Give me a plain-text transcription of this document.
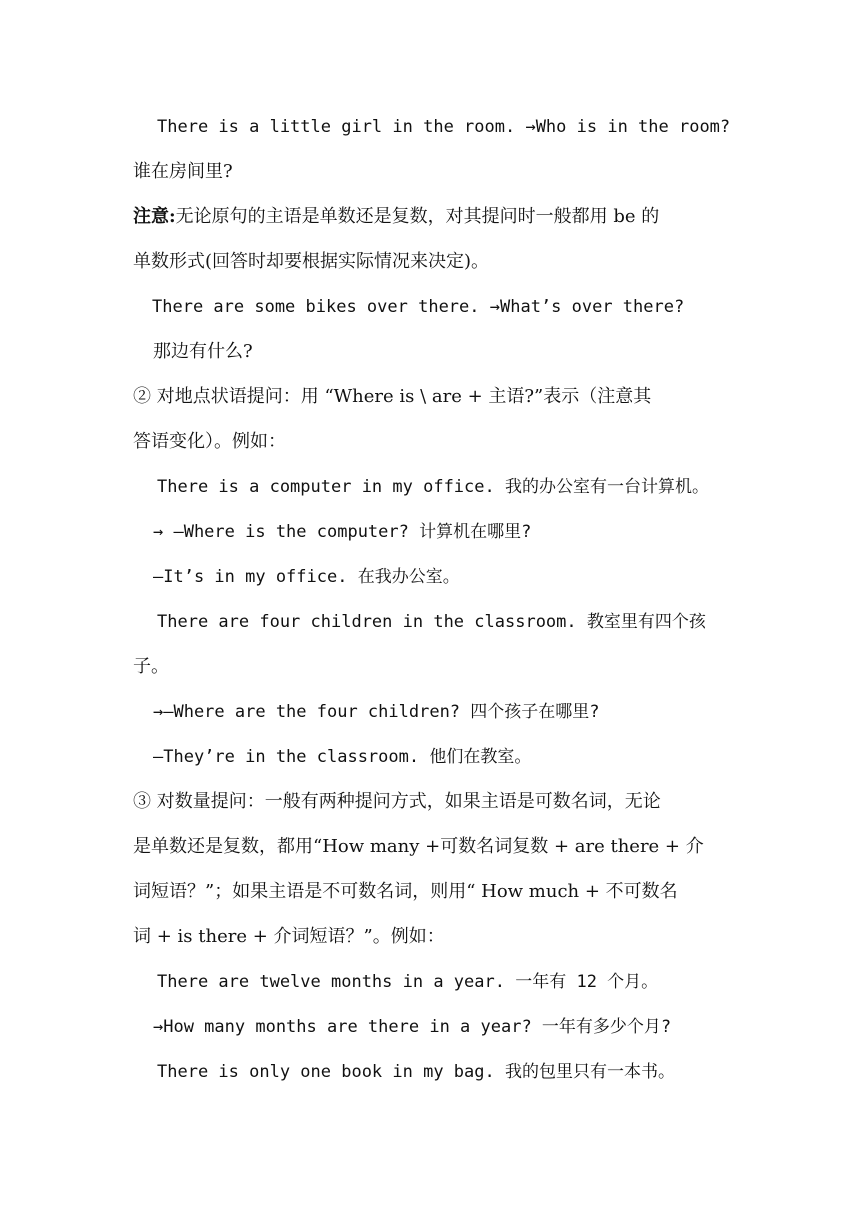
There is a little girl in the room. →Who is in the room?
谁在房间里?
注意:无论原句的主语是单数还是复数，对其提问时一般都用 be 的
单数形式(回答时却要根据实际情况来决定)。
There are some bikes over there. →What’s over there?
那边有什么?
② 对地点状语提问：用 “Where is \ are + 主语?”表示（注意其
答语变化）。例如：
There is a computer in my office. 我的办公室有一台计算机。
→ —Where is the computer? 计算机在哪里?
—It’s in my office. 在我办公室。
There are four children in the classroom. 教室里有四个孩
子。
→—Where are the four children? 四个孩子在哪里?
—They’re in the classroom. 他们在教室。
③ 对数量提问：一般有两种提问方式，如果主语是可数名词，无论
是单数还是复数，都用“How many +可数名词复数 + are there + 介
词短语？”；如果主语是不可数名词，则用“ How much + 不可数名
词 + is there + 介词短语？”。例如：
There are twelve months in a year. 一年有 12 个月。
→How many months are there in a year? 一年有多少个月?
There is only one book in my bag. 我的包里只有一本书。
